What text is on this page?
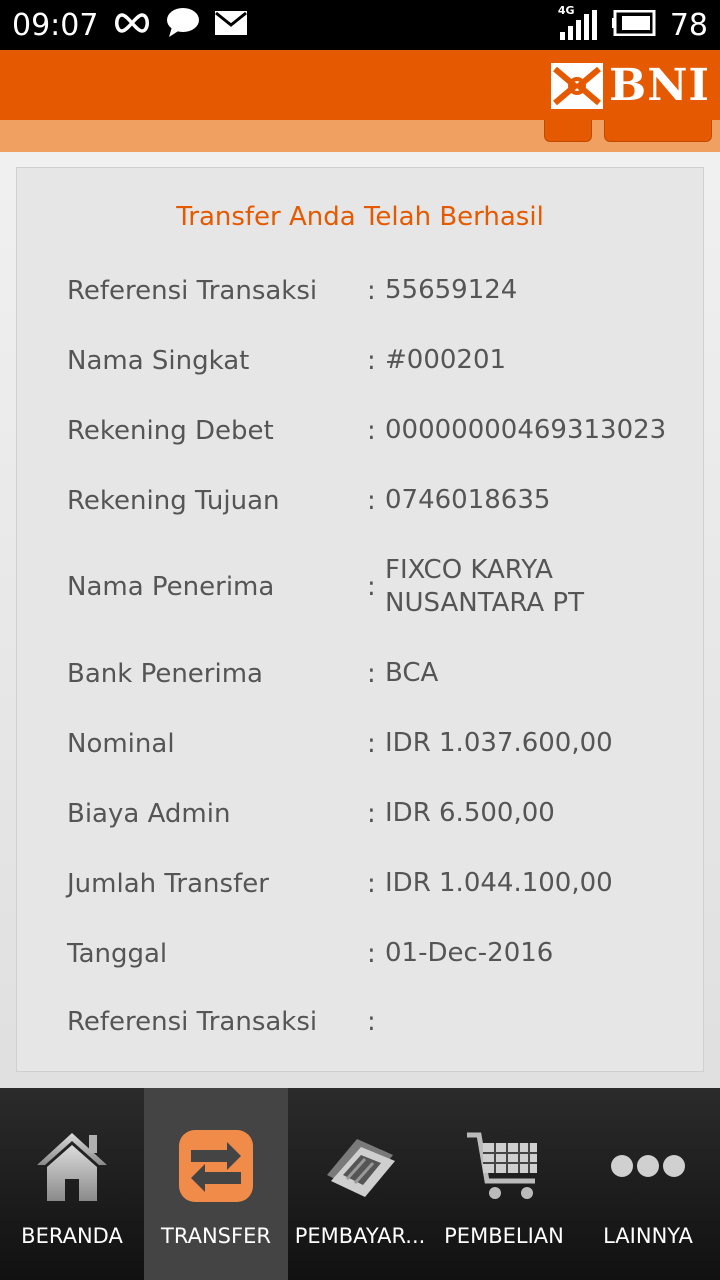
09:07	4G	78
BNI
Transfer Anda Telah Berhasil
Referensi Transaksi	: 55659124
Nama Singkat	: #000201
Rekening Debet	: 00000000469313023
Rekening Tujuan	: 0746018635
Nama Penerima	:
FIXCO KARYA NUSANTARA PT
Bank Penerima	: BCA
Nominal	: IDR 1.037.600,00
Biaya Admin	: IDR 6.500,00
Jumlah Transfer	: IDR 1.044.100,00
Tanggal	: 01-Dec-2016
Referensi Transaksi	:
BERANDA	TRANSFER	PEMBAYAR... PEMBELIAN	LAINNYA
